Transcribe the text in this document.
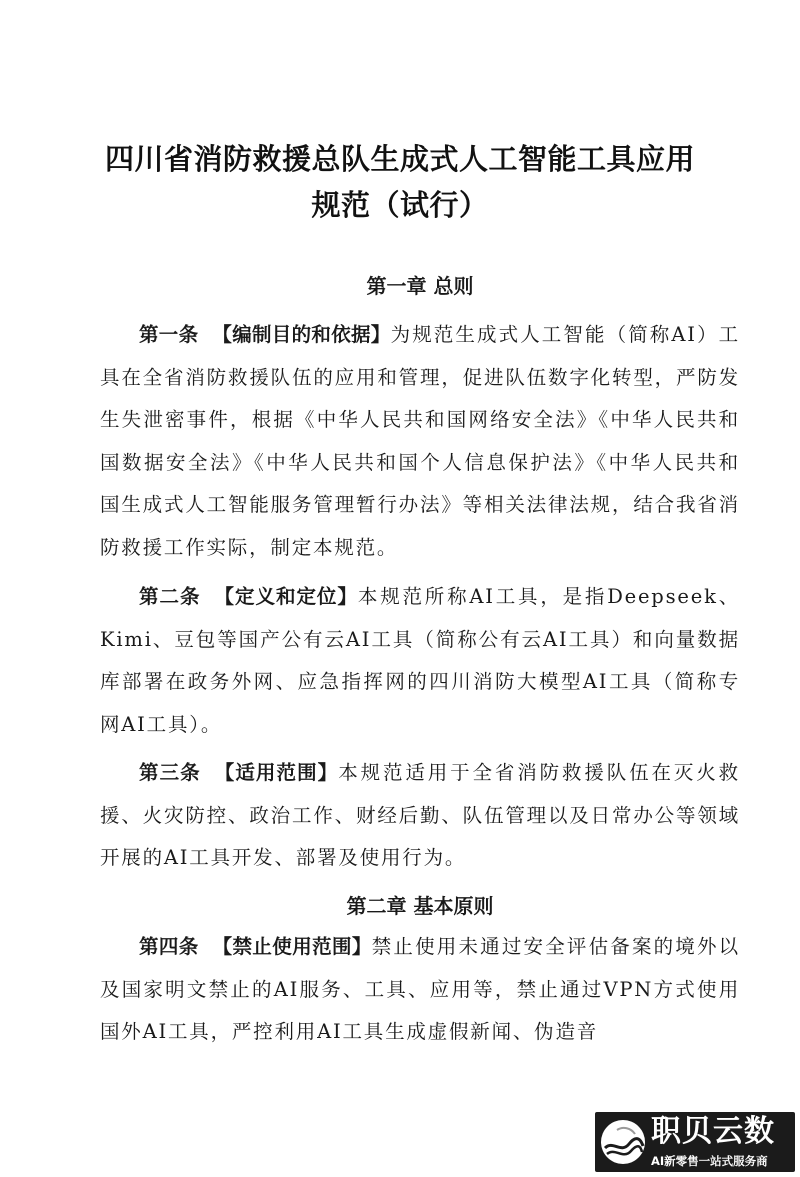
四川省消防救援总队生成式人工智能工具应用
规范（试行）
第一章 总则
第一条 【编制目的和依据】为规范生成式人工智能（简称AI）工具在全省消防救援队伍的应用和管理，促进队伍数字化转型，严防发生失泄密事件，根据《中华人民共和国网络安全法》《中华人民共和国数据安全法》《中华人民共和国个人信息保护法》《中华人民共和国生成式人工智能服务管理暂行办法》等相关法律法规，结合我省消防救援工作实际，制定本规范。
第二条 【定义和定位】本规范所称AI工具，是指Deepseek、Kimi、豆包等国产公有云AI工具（简称公有云AI工具）和向量数据库部署在政务外网、应急指挥网的四川消防大模型AI工具（简称专网AI工具）。
第三条 【适用范围】本规范适用于全省消防救援队伍在灭火救援、火灾防控、政治工作、财经后勤、队伍管理以及日常办公等领域开展的AI工具开发、部署及使用行为。
第二章 基本原则
第四条 【禁止使用范围】禁止使用未通过安全评估备案的境外以及国家明文禁止的AI服务、工具、应用等，禁止通过VPN方式使用国外AI工具，严控利用AI工具生成虚假新闻、伪造音
职贝云数
AI新零售一站式服务商
